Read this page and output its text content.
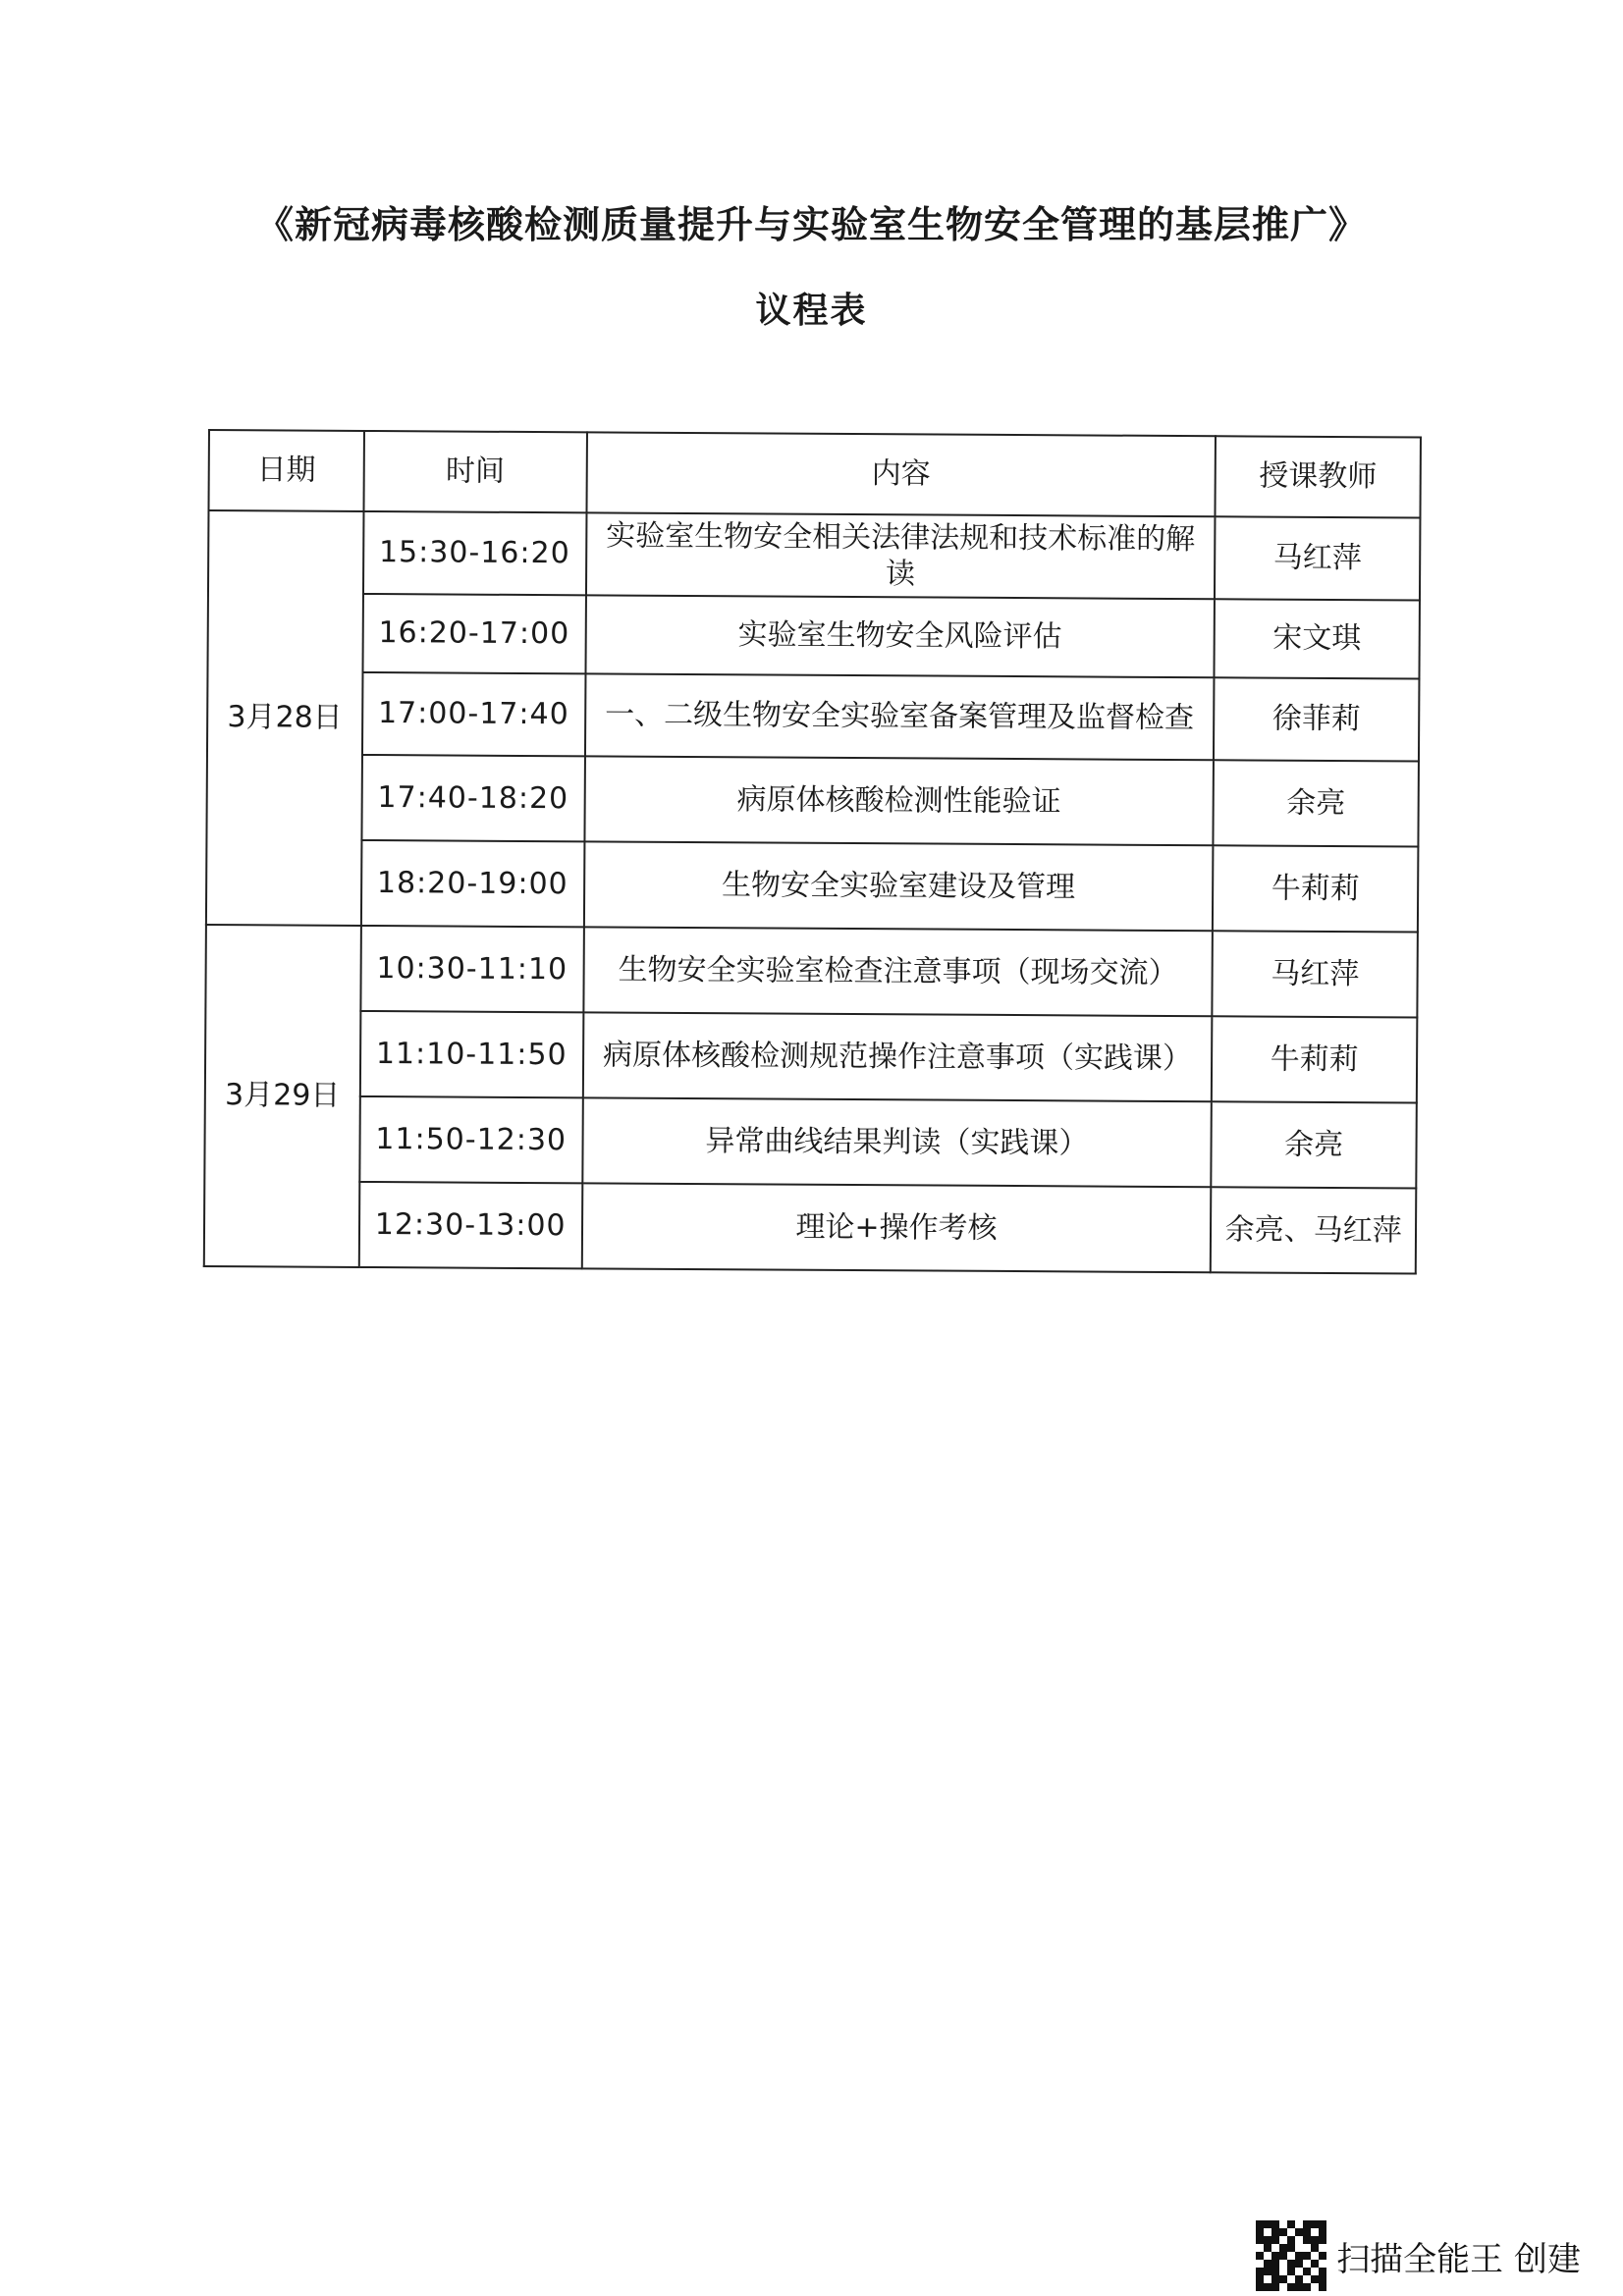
《新冠病毒核酸检测质量提升与实验室生物安全管理的基层推广》
议程表
日期	时间	内容	授课教师
3月28日	15:30-16:20	实验室生物安全相关法律法规和技术标准的解读	马红萍
	16:20-17:00	实验室生物安全风险评估	宋文琪
	17:00-17:40	一、二级生物安全实验室备案管理及监督检查	徐菲莉
	17:40-18:20	病原体核酸检测性能验证	余亮
	18:20-19:00	生物安全实验室建设及管理	牛莉莉
3月29日	10:30-11:10	生物安全实验室检查注意事项（现场交流）	马红萍
	11:10-11:50	病原体核酸检测规范操作注意事项（实践课）	牛莉莉
	11:50-12:30	异常曲线结果判读（实践课）	余亮
	12:30-13:00	理论+操作考核	余亮、马红萍
扫描全能王 创建
